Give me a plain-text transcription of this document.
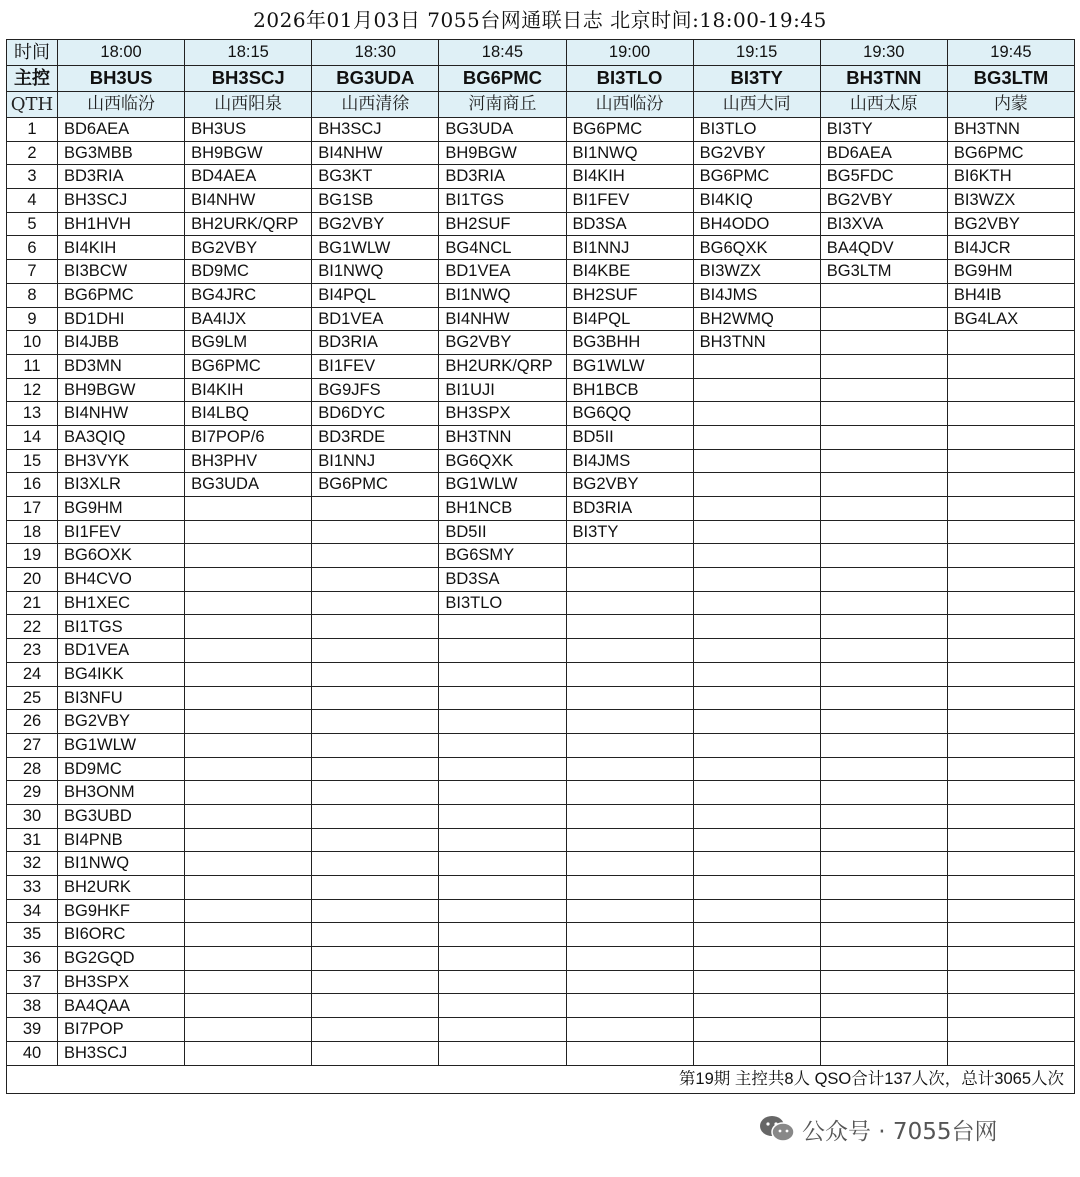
2026年01月03日 7055台网通联日志 北京时间:18:00-19:45
时间	18:00	18:15	18:30	18:45	19:00	19:15	19:30	19:45
主控	BH3US	BH3SCJ	BG3UDA	BG6PMC	BI3TLO	BI3TY	BH3TNN	BG3LTM
QTH	山西临汾	山西阳泉	山西清徐	河南商丘	山西临汾	山西大同	山西太原	内蒙
1	BD6AEA	BH3US	BH3SCJ	BG3UDA	BG6PMC	BI3TLO	BI3TY	BH3TNN
2	BG3MBB	BH9BGW	BI4NHW	BH9BGW	BI1NWQ	BG2VBY	BD6AEA	BG6PMC
3	BD3RIA	BD4AEA	BG3KT	BD3RIA	BI4KIH	BG6PMC	BG5FDC	BI6KTH
4	BH3SCJ	BI4NHW	BG1SB	BI1TGS	BI1FEV	BI4KIQ	BG2VBY	BI3WZX
5	BH1HVH	BH2URK/QRP	BG2VBY	BH2SUF	BD3SA	BH4ODO	BI3XVA	BG2VBY
6	BI4KIH	BG2VBY	BG1WLW	BG4NCL	BI1NNJ	BG6QXK	BA4QDV	BI4JCR
7	BI3BCW	BD9MC	BI1NWQ	BD1VEA	BI4KBE	BI3WZX	BG3LTM	BG9HM
8	BG6PMC	BG4JRC	BI4PQL	BI1NWQ	BH2SUF	BI4JMS		BH4IB
9	BD1DHI	BA4IJX	BD1VEA	BI4NHW	BI4PQL	BH2WMQ		BG4LAX
10	BI4JBB	BG9LM	BD3RIA	BG2VBY	BG3BHH	BH3TNN		
11	BD3MN	BG6PMC	BI1FEV	BH2URK/QRP	BG1WLW			
12	BH9BGW	BI4KIH	BG9JFS	BI1UJI	BH1BCB			
13	BI4NHW	BI4LBQ	BD6DYC	BH3SPX	BG6QQ			
14	BA3QIQ	BI7POP/6	BD3RDE	BH3TNN	BD5II			
15	BH3VYK	BH3PHV	BI1NNJ	BG6QXK	BI4JMS			
16	BI3XLR	BG3UDA	BG6PMC	BG1WLW	BG2VBY			
17	BG9HM			BH1NCB	BD3RIA			
18	BI1FEV			BD5II	BI3TY			
19	BG6OXK			BG6SMY				
20	BH4CVO			BD3SA				
21	BH1XEC			BI3TLO				
22	BI1TGS							
23	BD1VEA							
24	BG4IKK							
25	BI3NFU							
26	BG2VBY							
27	BG1WLW							
28	BD9MC							
29	BH3ONM							
30	BG3UBD							
31	BI4PNB							
32	BI1NWQ							
33	BH2URK							
34	BG9HKF							
35	BI6ORC							
36	BG2GQD							
37	BH3SPX							
38	BA4QAA							
39	BI7POP							
40	BH3SCJ							
第19期 主控共8人 QSO合计137人次，总计3065人次								
公众号 · 7055台网
